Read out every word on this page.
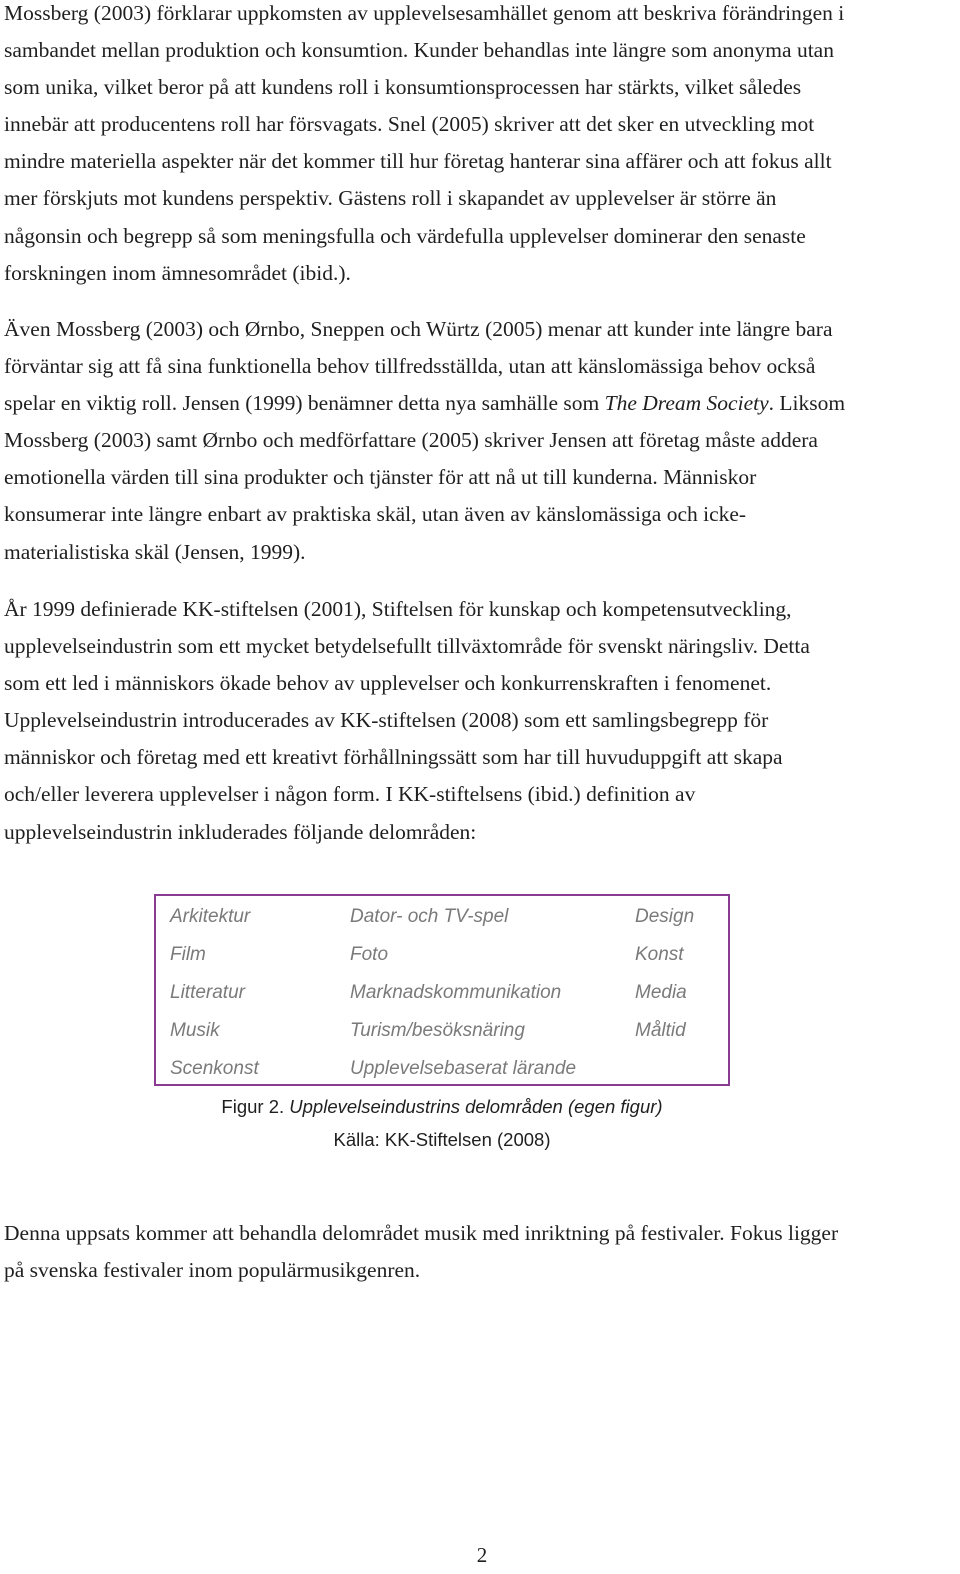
Mossberg (2003) förklarar uppkomsten av upplevelsesamhället genom att beskriva förändringen i
sambandet mellan produktion och konsumtion. Kunder behandlas inte längre som anonyma utan
som unika, vilket beror på att kundens roll i konsumtionsprocessen har stärkts, vilket således
innebär att producentens roll har försvagats. Snel (2005) skriver att det sker en utveckling mot
mindre materiella aspekter när det kommer till hur företag hanterar sina affärer och att fokus allt
mer förskjuts mot kundens perspektiv. Gästens roll i skapandet av upplevelser är större än
någonsin och begrepp så som meningsfulla och värdefulla upplevelser dominerar den senaste
forskningen inom ämnesområdet (ibid.).

Även Mossberg (2003) och Ørnbo, Sneppen och Würtz (2005) menar att kunder inte längre bara
förväntar sig att få sina funktionella behov tillfredsställda, utan att känslomässiga behov också
spelar en viktig roll. Jensen (1999) benämner detta nya samhälle som The Dream Society. Liksom
Mossberg (2003) samt Ørnbo och medförfattare (2005) skriver Jensen att företag måste addera
emotionella värden till sina produkter och tjänster för att nå ut till kunderna. Människor
konsumerar inte längre enbart av praktiska skäl, utan även av känslomässiga och icke-
materialistiska skäl (Jensen, 1999).

År 1999 definierade KK-stiftelsen (2001), Stiftelsen för kunskap och kompetensutveckling,
upplevelseindustrin som ett mycket betydelsefullt tillväxtområde för svenskt näringsliv. Detta
som ett led i människors ökade behov av upplevelser och konkurrenskraften i fenomenet.
Upplevelseindustrin introducerades av KK-stiftelsen (2008) som ett samlingsbegrepp för
människor och företag med ett kreativt förhållningssätt som har till huvuduppgift att skapa
och/eller leverera upplevelser i någon form. I KK-stiftelsens (ibid.) definition av
upplevelseindustrin inkluderades följande delområden:

Arkitektur
Film
Litteratur
Musik
Scenkonst
Dator- och TV-spel
Foto
Marknadskommunikation
Turism/besöksnäring
Upplevelsebaserat lärande
Design
Konst
Media
Måltid
Figur 2. Upplevelseindustrins delområden (egen figur)
Källa: KK-Stiftelsen (2008)

Denna uppsats kommer att behandla delområdet musik med inriktning på festivaler. Fokus ligger
på svenska festivaler inom populärmusikgenren.

2
